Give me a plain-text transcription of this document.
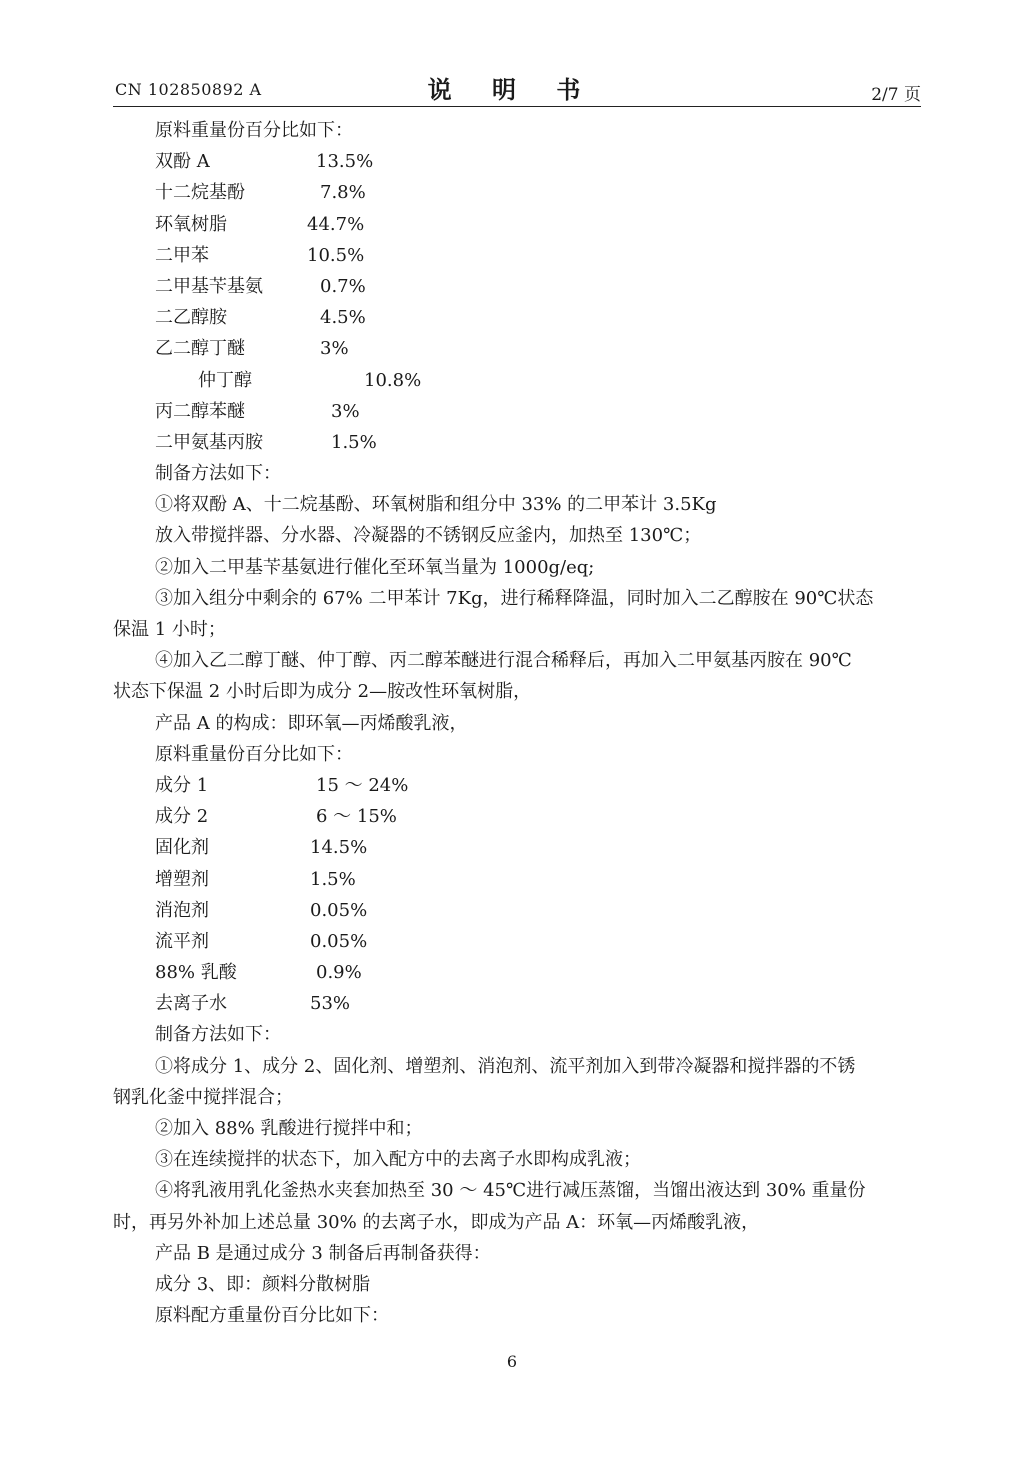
CN 102850892 A	说 明 书	2/7 页
原料重量份百分比如下：
双酚 A	13.5%
十二烷基酚	7.8%
环氧树脂	44.7%
二甲苯	10.5%
二甲基苄基氨	0.7%
二乙醇胺	4.5%
乙二醇丁醚	3%
仲丁醇	10.8%
丙二醇苯醚	3%
二甲氨基丙胺	1.5%
制备方法如下：
①将双酚 A、十二烷基酚、环氧树脂和组分中 33% 的二甲苯计 3.5Kg
放入带搅拌器、分水器、冷凝器的不锈钢反应釜内，加热至 130℃；
②加入二甲基苄基氨进行催化至环氧当量为 1000g/eq;
③加入组分中剩余的 67% 二甲苯计 7Kg，进行稀释降温，同时加入二乙醇胺在 90℃状态
保温 1 小时；
④加入乙二醇丁醚、仲丁醇、丙二醇苯醚进行混合稀释后，再加入二甲氨基丙胺在 90℃
状态下保温 2 小时后即为成分 2—胺改性环氧树脂，
产品 A 的构成：即环氧—丙烯酸乳液，
原料重量份百分比如下：
成分 1	15 ～ 24%
成分 2	6 ～ 15%
固化剂	14.5%
增塑剂	1.5%
消泡剂	0.05%
流平剂	0.05%
88% 乳酸	0.9%
去离子水	53%
制备方法如下：
①将成分 1、成分 2、固化剂、增塑剂、消泡剂、流平剂加入到带冷凝器和搅拌器的不锈
钢乳化釜中搅拌混合；
②加入 88% 乳酸进行搅拌中和；
③在连续搅拌的状态下，加入配方中的去离子水即构成乳液；
④将乳液用乳化釜热水夹套加热至 30 ～ 45℃进行减压蒸馏，当馏出液达到 30% 重量份
时，再另外补加上述总量 30% 的去离子水，即成为产品 A：环氧—丙烯酸乳液，
产品 B 是通过成分 3 制备后再制备获得：
成分 3、即：颜料分散树脂
原料配方重量份百分比如下：
6
